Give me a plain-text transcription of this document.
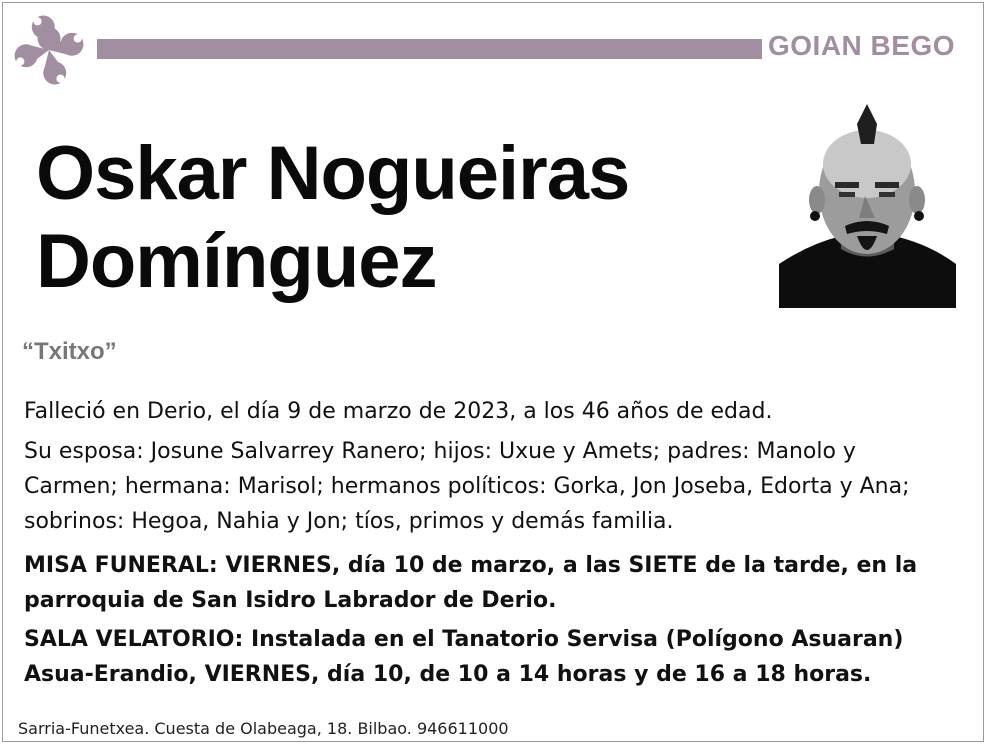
GOIAN BEGO
Oskar Nogueiras
Domínguez
“Txitxo”

Falleció en Derio, el día 9 de marzo de 2023, a los 46 años de edad.

Su esposa: Josune Salvarrey Ranero; hijos: Uxue y Amets; padres: Manolo y Carmen; hermana: Marisol; hermanos políticos: Gorka, Jon Joseba, Edorta y Ana; sobrinos: Hegoa, Nahia y Jon; tíos, primos y demás familia.

MISA FUNERAL: VIERNES, día 10 de marzo, a las SIETE de la tarde, en la parroquia de San Isidro Labrador de Derio.

SALA VELATORIO: Instalada en el Tanatorio Servisa (Polígono Asuaran) Asua-Erandio, VIERNES, día 10, de 10 a 14 horas y de 16 a 18 horas.

Sarria-Funetxea. Cuesta de Olabeaga, 18. Bilbao. 946611000
